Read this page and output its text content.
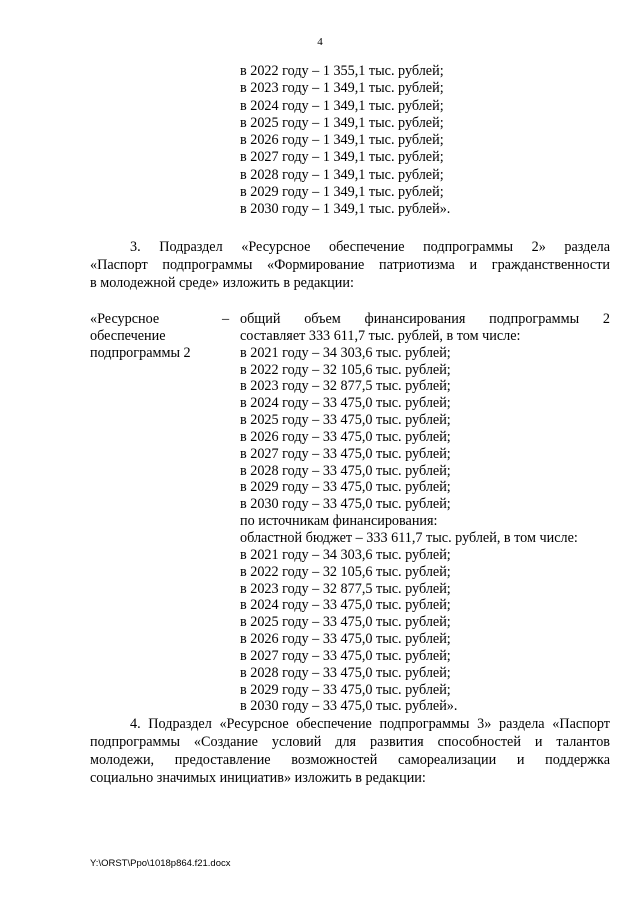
4
в 2022 году – 1 355,1 тыс. рублей;
в 2023 году – 1 349,1 тыс. рублей;
в 2024 году – 1 349,1 тыс. рублей;
в 2025 году – 1 349,1 тыс. рублей;
в 2026 году – 1 349,1 тыс. рублей;
в 2027 году – 1 349,1 тыс. рублей;
в 2028 году – 1 349,1 тыс. рублей;
в 2029 году – 1 349,1 тыс. рублей;
в 2030 году – 1 349,1 тыс. рублей».
3. Подраздел «Ресурсное обеспечение подпрограммы 2» раздела
«Паспорт подпрограммы «Формирование патриотизма и гражданственности
в молодежной среде» изложить в редакции:
«Ресурсное
обеспечение
подпрограммы 2
– общий объем финансирования подпрограммы 2
составляет 333 611,7 тыс. рублей, в том числе:
в 2021 году – 34 303,6 тыс. рублей;
в 2022 году – 32 105,6 тыс. рублей;
в 2023 году – 32 877,5 тыс. рублей;
в 2024 году – 33 475,0 тыс. рублей;
в 2025 году – 33 475,0 тыс. рублей;
в 2026 году – 33 475,0 тыс. рублей;
в 2027 году – 33 475,0 тыс. рублей;
в 2028 году – 33 475,0 тыс. рублей;
в 2029 году – 33 475,0 тыс. рублей;
в 2030 году – 33 475,0 тыс. рублей;
по источникам финансирования:
областной бюджет – 333 611,7 тыс. рублей, в том числе:
в 2021 году – 34 303,6 тыс. рублей;
в 2022 году – 32 105,6 тыс. рублей;
в 2023 году – 32 877,5 тыс. рублей;
в 2024 году – 33 475,0 тыс. рублей;
в 2025 году – 33 475,0 тыс. рублей;
в 2026 году – 33 475,0 тыс. рублей;
в 2027 году – 33 475,0 тыс. рублей;
в 2028 году – 33 475,0 тыс. рублей;
в 2029 году – 33 475,0 тыс. рублей;
в 2030 году – 33 475,0 тыс. рублей».
4. Подраздел «Ресурсное обеспечение подпрограммы 3» раздела «Паспорт
подпрограммы «Создание условий для развития способностей и талантов
молодежи, предоставление возможностей самореализации и поддержка
социально значимых инициатив» изложить в редакции:
Y:\ORST\Ppo\1018p864.f21.docx
